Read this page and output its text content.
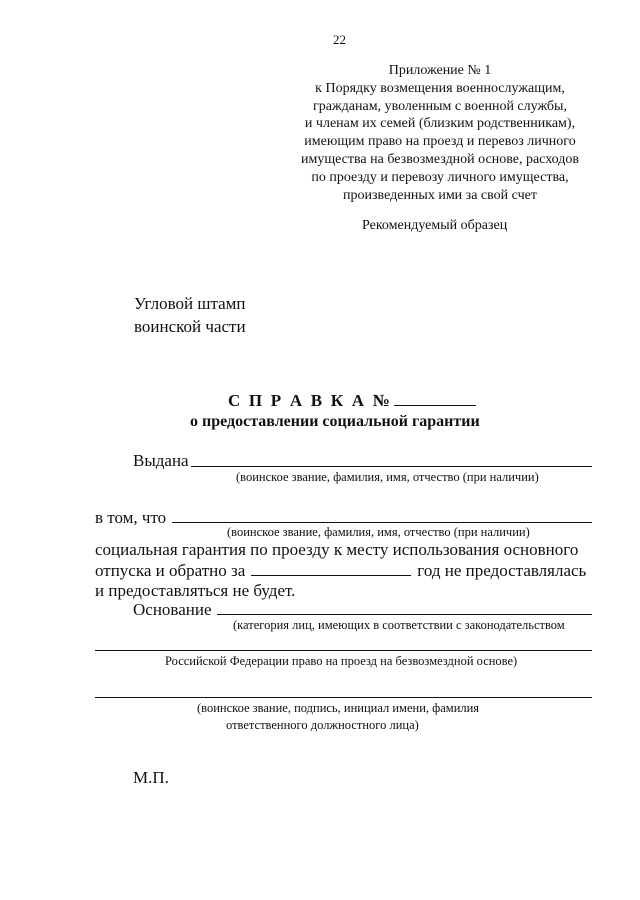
22
Приложение № 1
к Порядку возмещения военнослужащим,
гражданам, уволенным с военной службы,
и членам их семей (близким родственникам),
имеющим право на проезд и перевоз личного
имущества на безвозмездной основе, расходов
по проезду и перевозу личного имущества,
произведенных ими за свой счет
Рекомендуемый образец
Угловой штамп
воинской части
С П Р А В К А №
о предоставлении социальной гарантии
Выдана
(воинское звание, фамилия, имя, отчество (при наличии)
в том, что
(воинское звание, фамилия, имя, отчество (при наличии)
социальная гарантия по проезду к месту использования основного
отпуска и обратно за	год не предоставлялась
и предоставляться не будет.
Основание
(категория лиц, имеющих в соответствии с законодательством
Российской Федерации право на проезд на безвозмездной основе)
(воинское звание, подпись, инициал имени, фамилия
ответственного должностного лица)
М.П.
